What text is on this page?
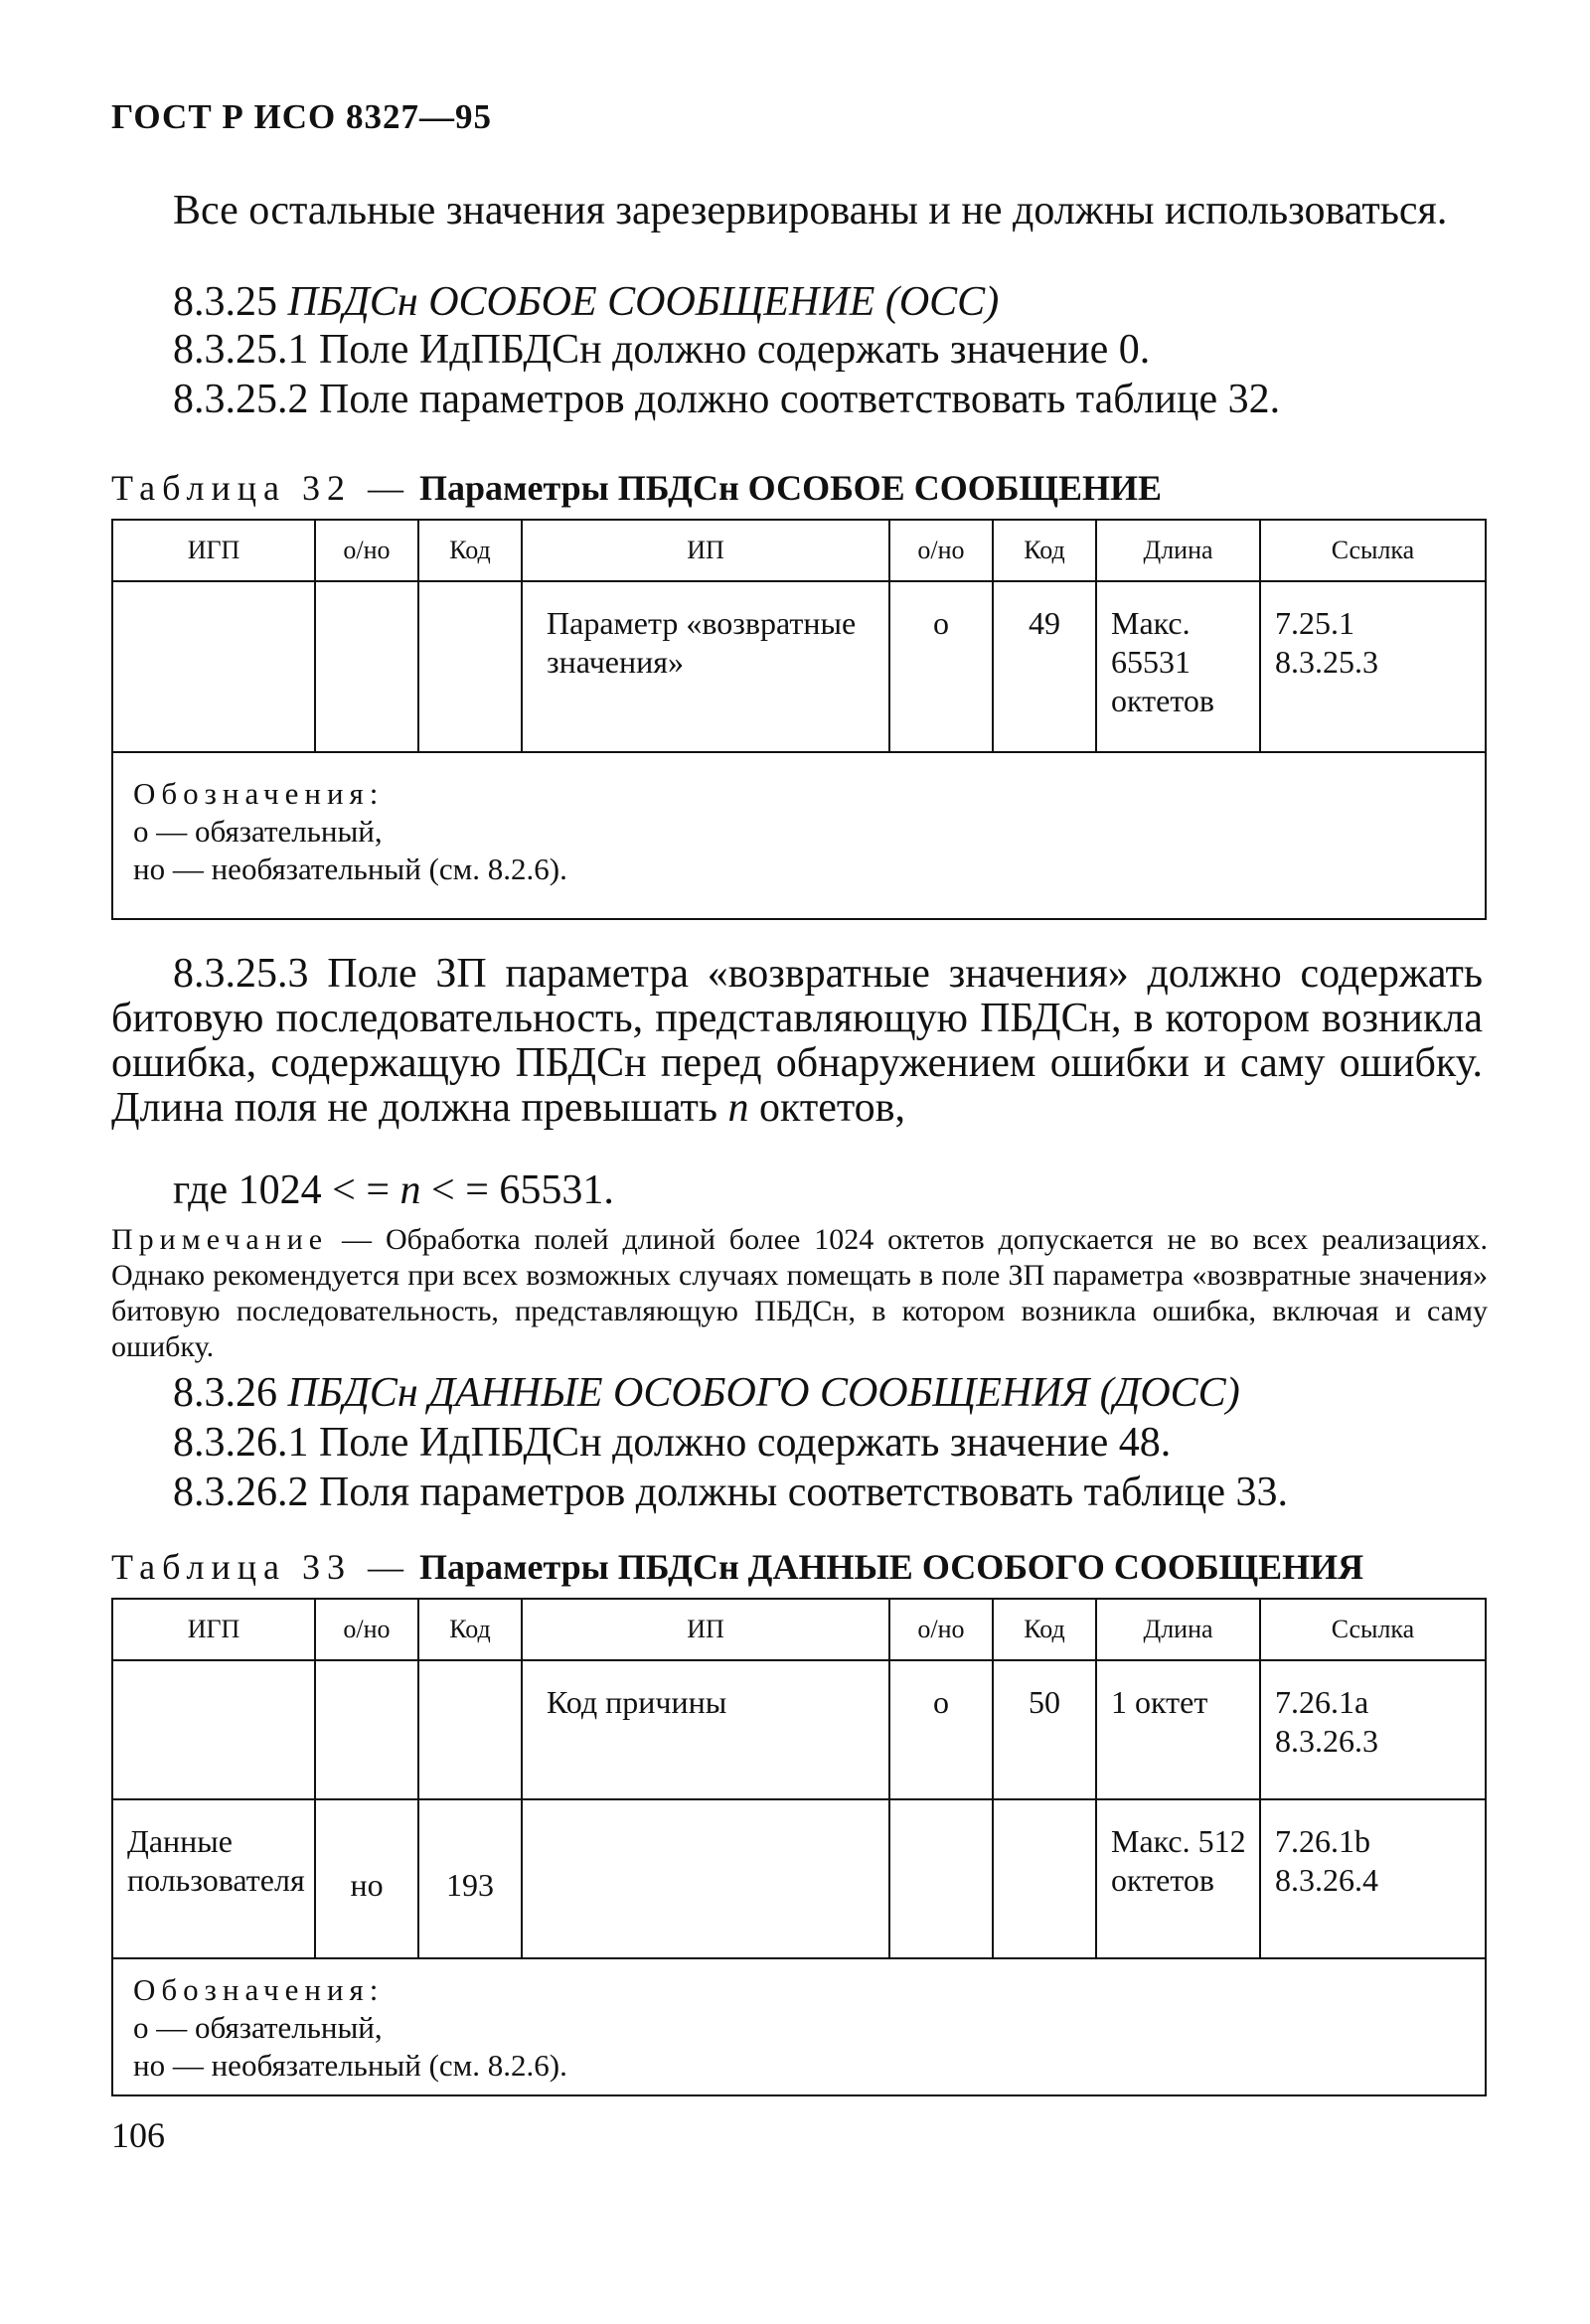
ГОСТ Р ИСО 8327—95

Все остальные значения зарезервированы и не должны использоваться.

8.3.25 ПБДСн ОСОБОЕ СООБЩЕНИЕ (ОСС)

8.3.25.1 Поле ИдПБДСн должно содержать значение 0.

8.3.25.2 Поле параметров должно соответствовать таблице 32.

Таблица 32 — Параметры ПБДСн ОСОБОЕ СООБЩЕНИЕ
ИГП	о/но	Код	ИП	о/но	Код	Длина	Ссылка
			Параметр «возвратные значения»	о	49	Макс. 65531 октетов	7.25.1
8.3.25.3

Обозначения:
о — обязательный,
но — необязательный (см. 8.2.6).							

8.3.25.3 Поле ЗП параметра «возвратные значения» должно содержать битовую последовательность, представляющую ПБДСн, в котором возникла ошибка, содержащую ПБДСн перед обнаружением ошибки и саму ошибку. Длина поля не должна превышать n октетов,

где 1024 < = n < = 65531.

Примечание — Обработка полей длиной более 1024 октетов допускается не во всех реализациях. Однако рекомендуется при всех возможных случаях помещать в поле ЗП параметра «возвратные значения» битовую последовательность, представляющую ПБДСн, в котором возникла ошибка, включая и саму ошибку.

8.3.26 ПБДСн ДАННЫЕ ОСОБОГО СООБЩЕНИЯ (ДОСС)

8.3.26.1 Поле ИдПБДСн должно содержать значение 48.

8.3.26.2 Поля параметров должны соответствовать таблице 33.

Таблица 33 — Параметры ПБДСн ДАННЫЕ ОСОБОГО СООБЩЕНИЯ
ИГП	о/но	Код	ИП	о/но	Код	Длина	Ссылка
			Код причины	о	50	1 октет	7.26.1a
8.3.26.3
Данные пользователя	но	193				Макс. 512 октетов	7.26.1b
8.3.26.4

Обозначения:
о — обязательный,
но — необязательный (см. 8.2.6).							
106
